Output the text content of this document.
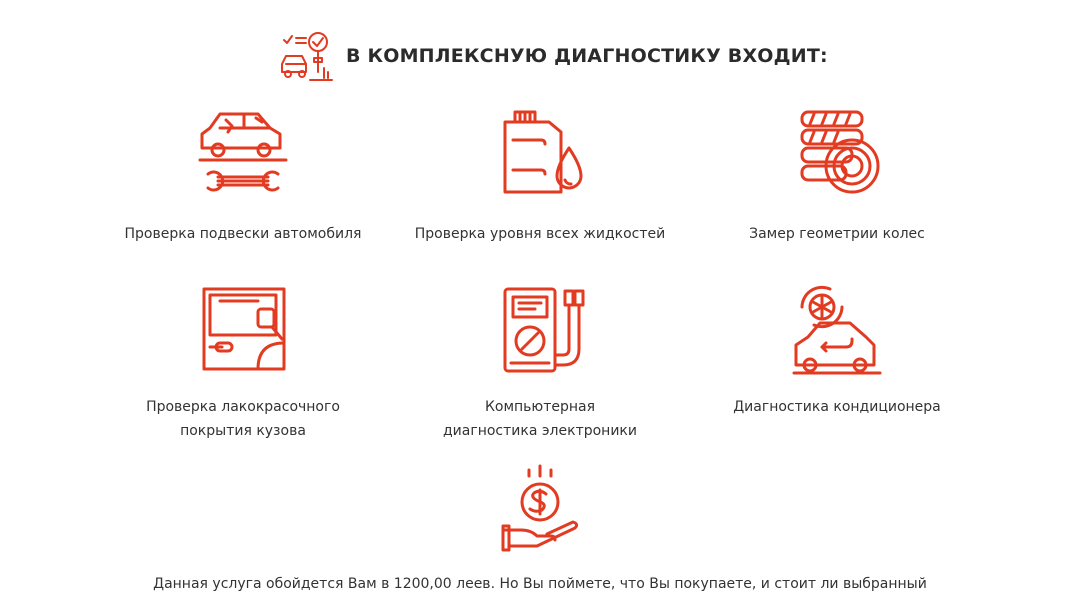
В КОМПЛЕКСНУЮ ДИАГНОСТИКУ ВХОДИТ:
Проверка подвески автомобиля	Проверка уровня всех жидкостей	Замер геометрии колес
Проверка лакокрасочного покрытия кузова
Компьютерная диагностика электроники
Диагностика кондиционера
Данная услуга обойдется Вам в 1200,00 леев. Но Вы поймете, что Вы покупаете, и стоит ли выбранный
